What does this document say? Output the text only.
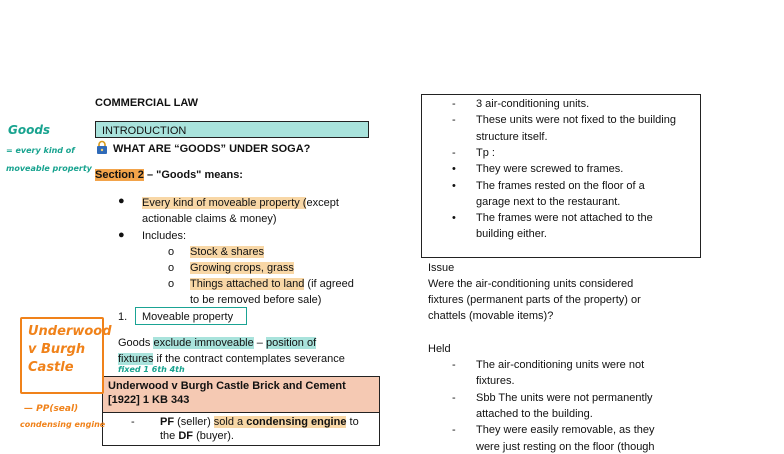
COMMERCIAL LAW
INTRODUCTION
WHAT ARE “GOODS” UNDER SOGA?
Section 2 – "Goods" means:
● Every kind of moveable property (except
actionable claims & money)
● Includes:
o Stock & shares
o Growing crops, grass
o Things attached to land (if agreed
to be removed before sale)
1.	Moveable property
Goods exclude immoveable – position of
fixtures if the contract contemplates severance
fixed 1 6th 4th
Underwood v Burgh Castle Brick and Cement
[1922] 1 KB 343
- PF (seller) sold a condensing engine to
the DF (buyer).
Goods
= every kind of
moveable property
Underwood
v Burgh
Castle
— PP(seal)
condensing engine
- 3 air-conditioning units.
- These units were not fixed to the building
structure itself.
- Tp :
• They were screwed to frames.
• The frames rested on the floor of a
garage next to the restaurant.
• The frames were not attached to the
building either.
Issue
Were the air-conditioning units considered
fixtures (permanent parts of the property) or
chattels (movable items)?
Held
- The air-conditioning units were not
fixtures.
- Sbb The units were not permanently
attached to the building.
- They were easily removable, as they
were just resting on the floor (though
